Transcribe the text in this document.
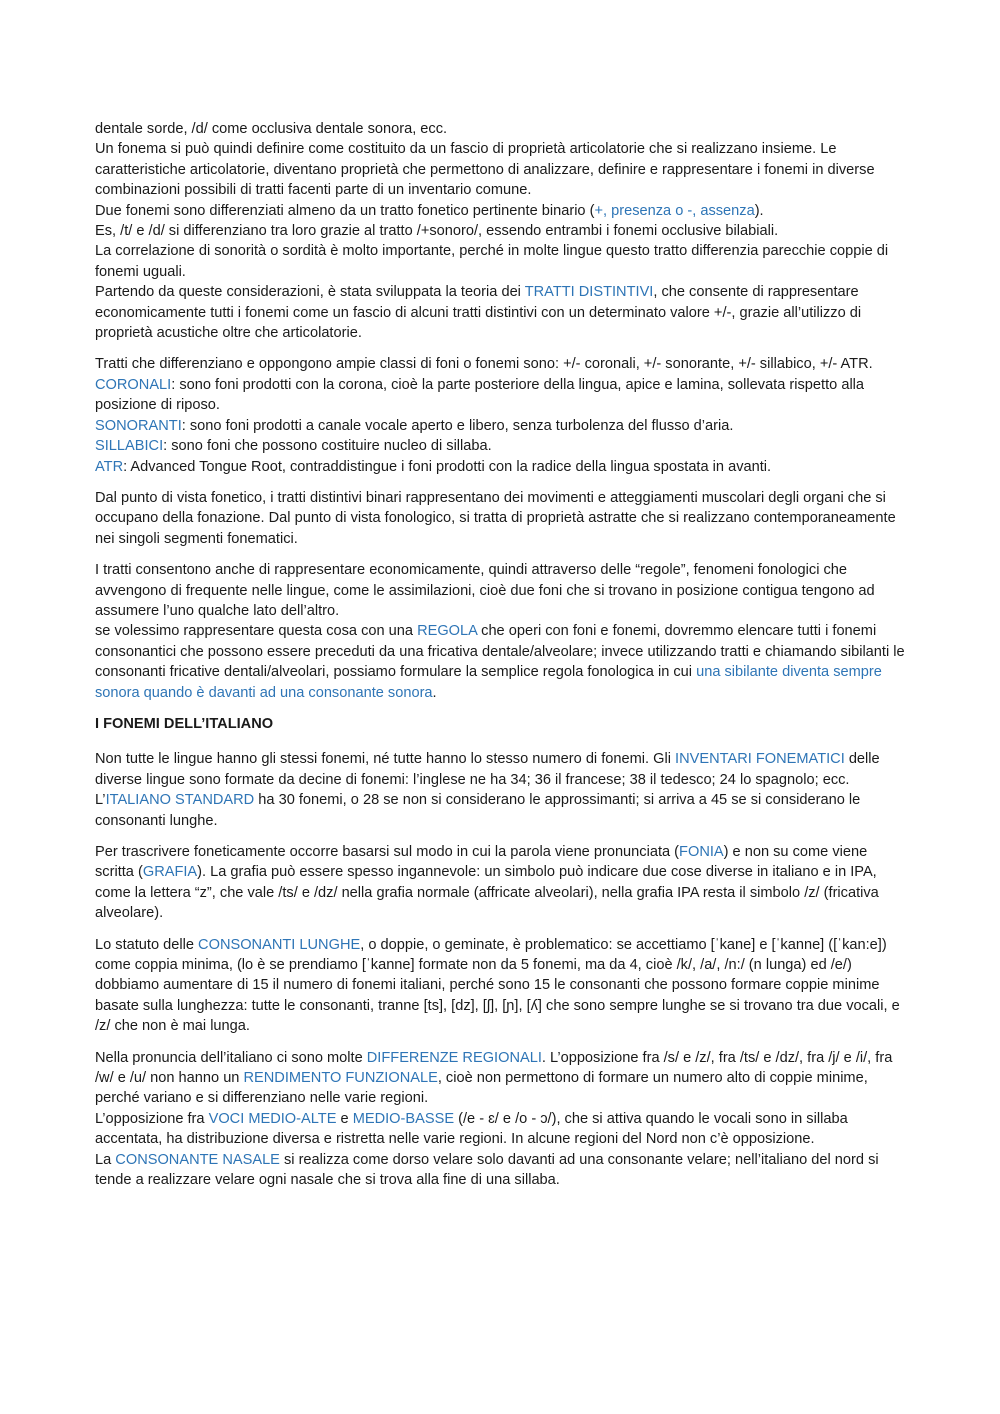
dentale sorde, /d/ come occlusiva dentale sonora, ecc.
Un fonema si può quindi definire come costituito da un fascio di proprietà articolatorie che si realizzano insieme. Le caratteristiche articolatorie, diventano proprietà che permettono di analizzare, definire e rappresentare i fonemi in diverse combinazioni possibili di tratti facenti parte di un inventario comune.
Due fonemi sono differenziati almeno da un tratto fonetico pertinente binario (+, presenza o -, assenza).
Es, /t/ e /d/ si differenziano tra loro grazie al tratto /+sonoro/, essendo entrambi i fonemi occlusive bilabiali.
La correlazione di sonorità o sordità è molto importante, perché in molte lingue questo tratto differenzia parecchie coppie di fonemi uguali.
Partendo da queste considerazioni, è stata sviluppata la teoria dei TRATTI DISTINTIVI, che consente di rappresentare economicamente tutti i fonemi come un fascio di alcuni tratti distintivi con un determinato valore +/-, grazie all’utilizzo di proprietà acustiche oltre che articolatorie.
Tratti che differenziano e oppongono ampie classi di foni o fonemi sono: +/- coronali, +/- sonorante, +/- sillabico, +/- ATR.
CORONALI: sono foni prodotti con la corona, cioè la parte posteriore della lingua, apice e lamina, sollevata rispetto alla posizione di riposo.
SONORANTI: sono foni prodotti a canale vocale aperto e libero, senza turbolenza del flusso d’aria.
SILLABICI: sono foni che possono costituire nucleo di sillaba.
ATR: Advanced Tongue Root, contraddistingue i foni prodotti con la radice della lingua spostata in avanti.
Dal punto di vista fonetico, i tratti distintivi binari rappresentano dei movimenti e atteggiamenti muscolari degli organi che si occupano della fonazione. Dal punto di vista fonologico, si tratta di proprietà astratte che si realizzano contemporaneamente nei singoli segmenti fonematici.
I tratti consentono anche di rappresentare economicamente, quindi attraverso delle “regole”, fenomeni fonologici che avvengono di frequente nelle lingue, come le assimilazioni, cioè due foni che si trovano in posizione contigua tengono ad assumere l’uno qualche lato dell’altro.
se volessimo rappresentare questa cosa con una REGOLA che operi con foni e fonemi, dovremmo elencare tutti i fonemi consonantici che possono essere preceduti da una fricativa dentale/alveolare; invece utilizzando tratti e chiamando sibilanti le consonanti fricative dentali/alveolari, possiamo formulare la semplice regola fonologica in cui una sibilante diventa sempre sonora quando è davanti ad una consonante sonora.
I FONEMI DELL’ITALIANO
Non tutte le lingue hanno gli stessi fonemi, né tutte hanno lo stesso numero di fonemi. Gli INVENTARI FONEMATICI delle diverse lingue sono formate da decine di fonemi: l’inglese ne ha 34; 36 il francese; 38 il tedesco; 24 lo spagnolo; ecc.
L’ITALIANO STANDARD ha 30 fonemi, o 28 se non si considerano le approssimanti; si arriva a 45 se si considerano le consonanti lunghe.
Per trascrivere foneticamente occorre basarsi sul modo in cui la parola viene pronunciata (FONIA) e non su come viene scritta (GRAFIA). La grafia può essere spesso ingannevole: un simbolo può indicare due cose diverse in italiano e in IPA, come la lettera “z”, che vale /ts/ e /dz/ nella grafia normale (affricate alveolari), nella grafia IPA resta il simbolo /z/ (fricativa alveolare).
Lo statuto delle CONSONANTI LUNGHE, o doppie, o geminate, è problematico: se accettiamo [ˈkane] e [ˈkanne] ([ˈkan:e]) come coppia minima, (lo è se prendiamo [ˈkanne] formate non da 5 fonemi, ma da 4, cioè /k/, /a/, /n:/ (n lunga) ed /e/) dobbiamo aumentare di 15 il numero di fonemi italiani, perché sono 15 le consonanti che possono formare coppie minime basate sulla lunghezza: tutte le consonanti, tranne [ts], [dz], [ʃ], [ɲ], [ʎ] che sono sempre lunghe se si trovano tra due vocali, e /z/ che non è mai lunga.
Nella pronuncia dell’italiano ci sono molte DIFFERENZE REGIONALI. L’opposizione fra /s/ e /z/, fra /ts/ e /dz/, fra /j/ e /i/, fra /w/ e /u/ non hanno un RENDIMENTO FUNZIONALE, cioè non permettono di formare un numero alto di coppie minime, perché variano e si differenziano nelle varie regioni.
L’opposizione fra VOCI MEDIO-ALTE e MEDIO-BASSE (/e - ɛ/ e /o - ɔ/), che si attiva quando le vocali sono in sillaba accentata, ha distribuzione diversa e ristretta nelle varie regioni. In alcune regioni del Nord non c’è opposizione.
La CONSONANTE NASALE si realizza come dorso velare solo davanti ad una consonante velare; nell’italiano del nord si tende a realizzare velare ogni nasale che si trova alla fine di una sillaba.
